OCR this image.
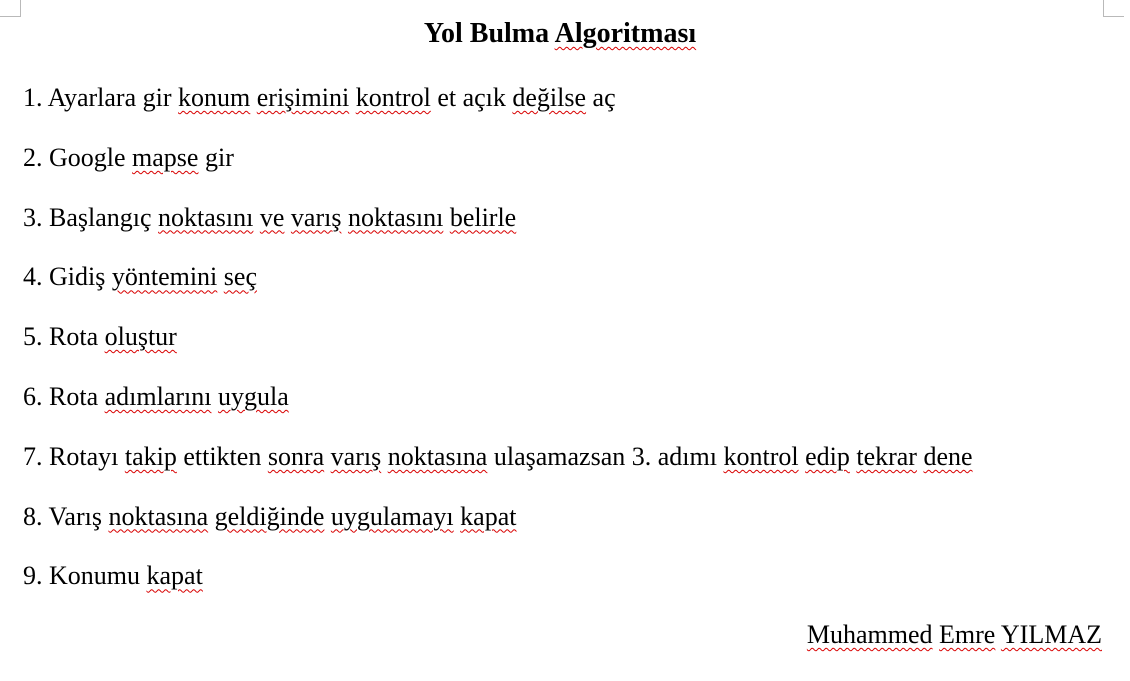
Yol Bulma Algoritması
1. Ayarlara gir konum erişimini kontrol et açık değilse aç
2. Google mapse gir
3. Başlangıç noktasını ve varış noktasını belirle
4. Gidiş yöntemini seç
5. Rota oluştur
6. Rota adımlarını uygula
7. Rotayı takip ettikten sonra varış noktasına ulaşamazsan 3. adımı kontrol edip tekrar dene
8. Varış noktasına geldiğinde uygulamayı kapat
9. Konumu kapat

Muhammed Emre YILMAZ
